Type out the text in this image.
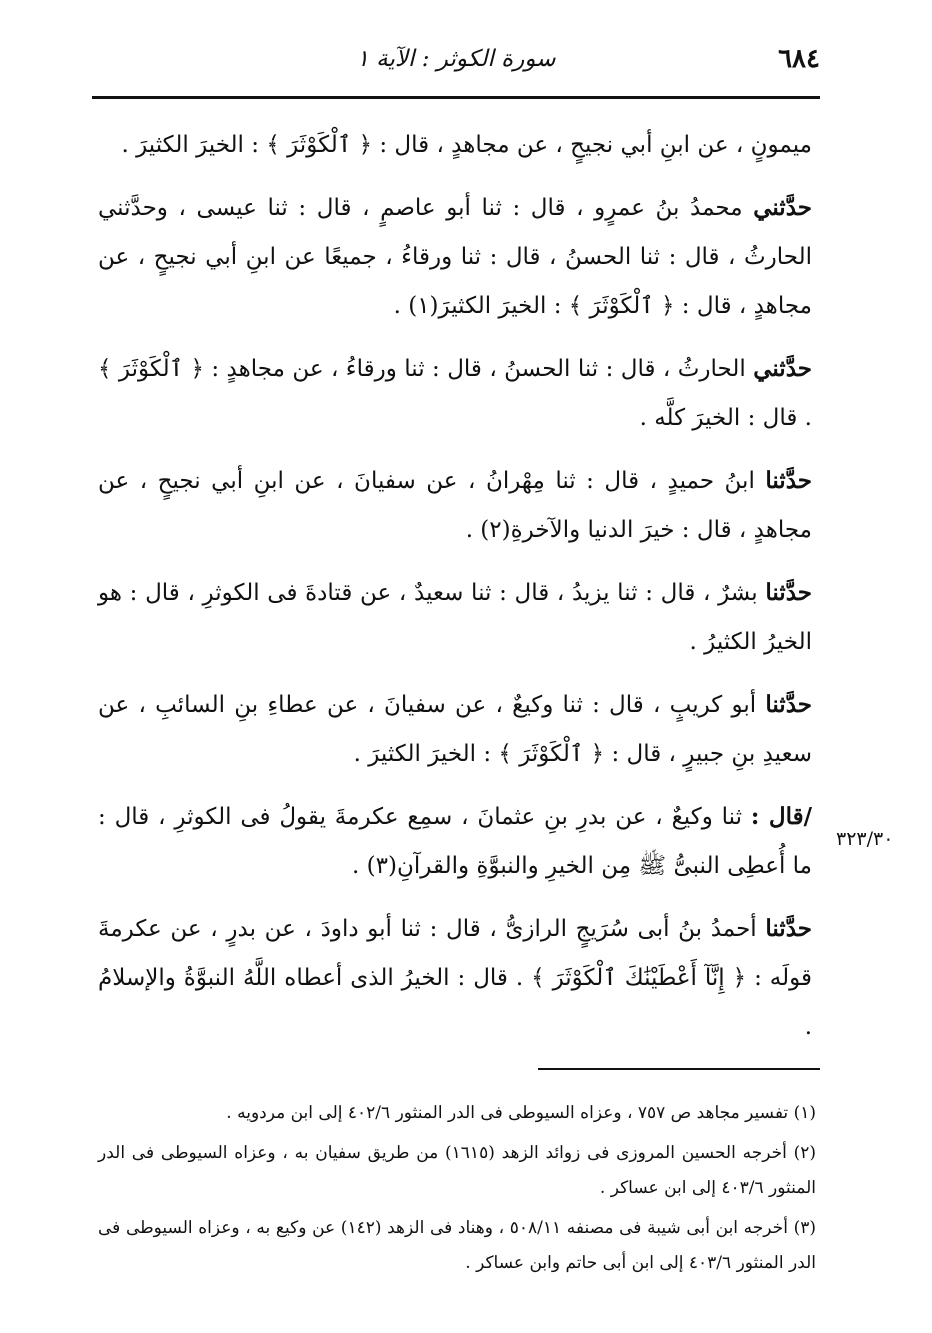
٦٨٤
سورة الكوثر : الآية ١
٣٢٣/٣٠

ميمونٍ ، عن ابنِ أبي نجيحٍ ، عن مجاهدٍ ، قال : ﴿ ٱلْكَوْثَرَ ﴾ : الخيرَ الكثيرَ .

حدَّثني محمدُ بنُ عمرٍو ، قال : ثنا أبو عاصمٍ ، قال : ثنا عيسى ، وحدَّثني الحارثُ ، قال : ثنا الحسنُ ، قال : ثنا ورقاءُ ، جميعًا عن ابنِ أبي نجيحٍ ، عن مجاهدٍ ، قال : ﴿ ٱلْكَوْثَرَ ﴾ : الخيرَ الكثيرَ(١) .

حدَّثني الحارثُ ، قال : ثنا الحسنُ ، قال : ثنا ورقاءُ ، عن مجاهدٍ : ﴿ ٱلْكَوْثَرَ ﴾ . قال : الخيرَ كلَّه .

حدَّثنا ابنُ حميدٍ ، قال : ثنا مِهْرانُ ، عن سفيانَ ، عن ابنِ أبي نجيحٍ ، عن مجاهدٍ ، قال : خيرَ الدنيا والآخرةِ(٢) .

حدَّثنا بشرٌ ، قال : ثنا يزيدُ ، قال : ثنا سعيدٌ ، عن قتادةَ فى الكوثرِ ، قال : هو الخيرُ الكثيرُ .

حدَّثنا أبو كريبٍ ، قال : ثنا وكيعٌ ، عن سفيانَ ، عن عطاءِ بنِ السائبِ ، عن سعيدِ بنِ جبيرٍ ، قال : ﴿ ٱلْكَوْثَرَ ﴾ : الخيرَ الكثيرَ .

/قال : ثنا وكيعٌ ، عن بدرِ بنِ عثمانَ ، سمِع عكرمةَ يقولُ فى الكوثرِ ، قال : ما أُعطِى النبىُّ ﷺ مِن الخيرِ والنبوَّةِ والقرآنِ(٣) .

حدَّثنا أحمدُ بنُ أبى سُرَيجٍ الرازىُّ ، قال : ثنا أبو داودَ ، عن بدرٍ ، عن عكرمةَ قولَه : ﴿ إِنَّآ أَعْطَيْنَٰكَ ٱلْكَوْثَرَ ﴾ . قال : الخيرُ الذى أعطاه اللَّهُ النبوَّةُ والإسلامُ .

(١) تفسير مجاهد ص ٧٥٧ ، وعزاه السيوطى فى الدر المنثور ٤٠٢/٦ إلى ابن مردويه .

(٢) أخرجه الحسين المروزى فى زوائد الزهد (١٦١٥) من طريق سفيان به ، وعزاه السيوطى فى الدر المنثور ٤٠٣/٦ إلى ابن عساكر .

(٣) أخرجه ابن أبى شيبة فى مصنفه ٥٠٨/١١ ، وهناد فى الزهد (١٤٢) عن وكيع به ، وعزاه السيوطى فى الدر المنثور ٤٠٣/٦ إلى ابن أبى حاتم وابن عساكر .
